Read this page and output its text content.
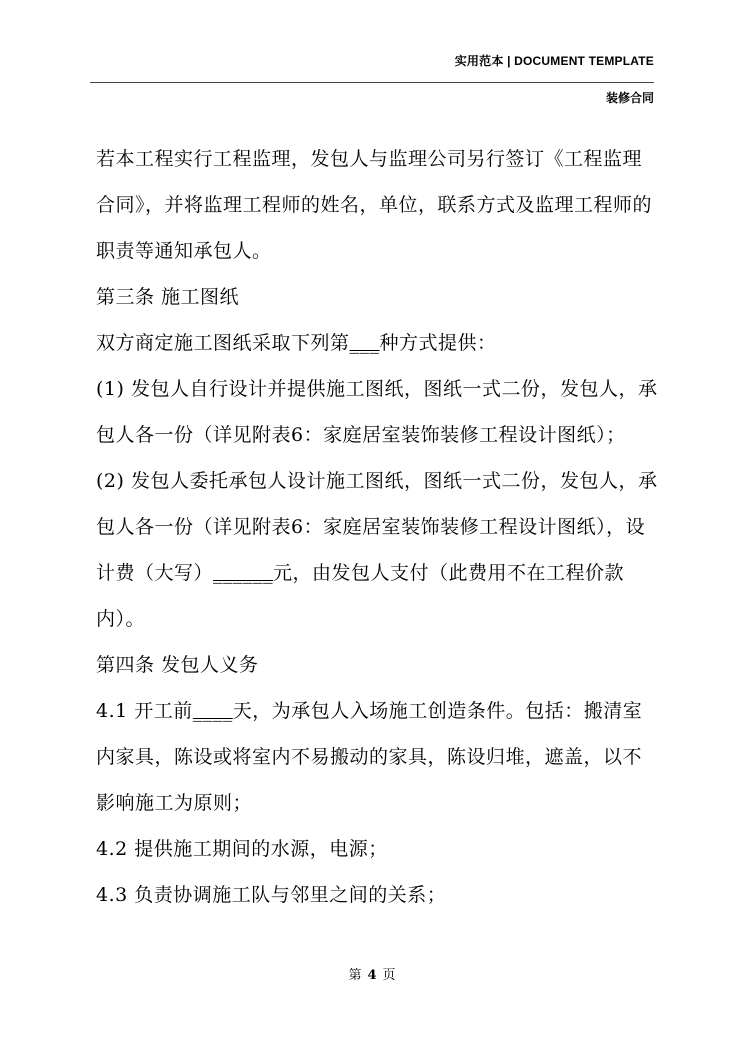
实用范本 | DOCUMENT TEMPLATE
装修合同

若本工程实行工程监理，发包人与监理公司另行签订《工程监理合同》，并将监理工程师的姓名，单位，联系方式及监理工程师的职责等通知承包人。

第三条 施工图纸

双方商定施工图纸采取下列第___种方式提供：

(1) 发包人自行设计并提供施工图纸，图纸一式二份，发包人，承包人各一份（详见附表6：家庭居室装饰装修工程设计图纸）；

(2) 发包人委托承包人设计施工图纸，图纸一式二份，发包人，承包人各一份（详见附表6：家庭居室装饰装修工程设计图纸），设计费（大写）______元，由发包人支付（此费用不在工程价款内）。

第四条 发包人义务

4.1 开工前____天，为承包人入场施工创造条件。包括：搬清室内家具，陈设或将室内不易搬动的家具，陈设归堆，遮盖，以不影响施工为原则；

4.2 提供施工期间的水源，电源；

4.3 负责协调施工队与邻里之间的关系；

第 4 页
